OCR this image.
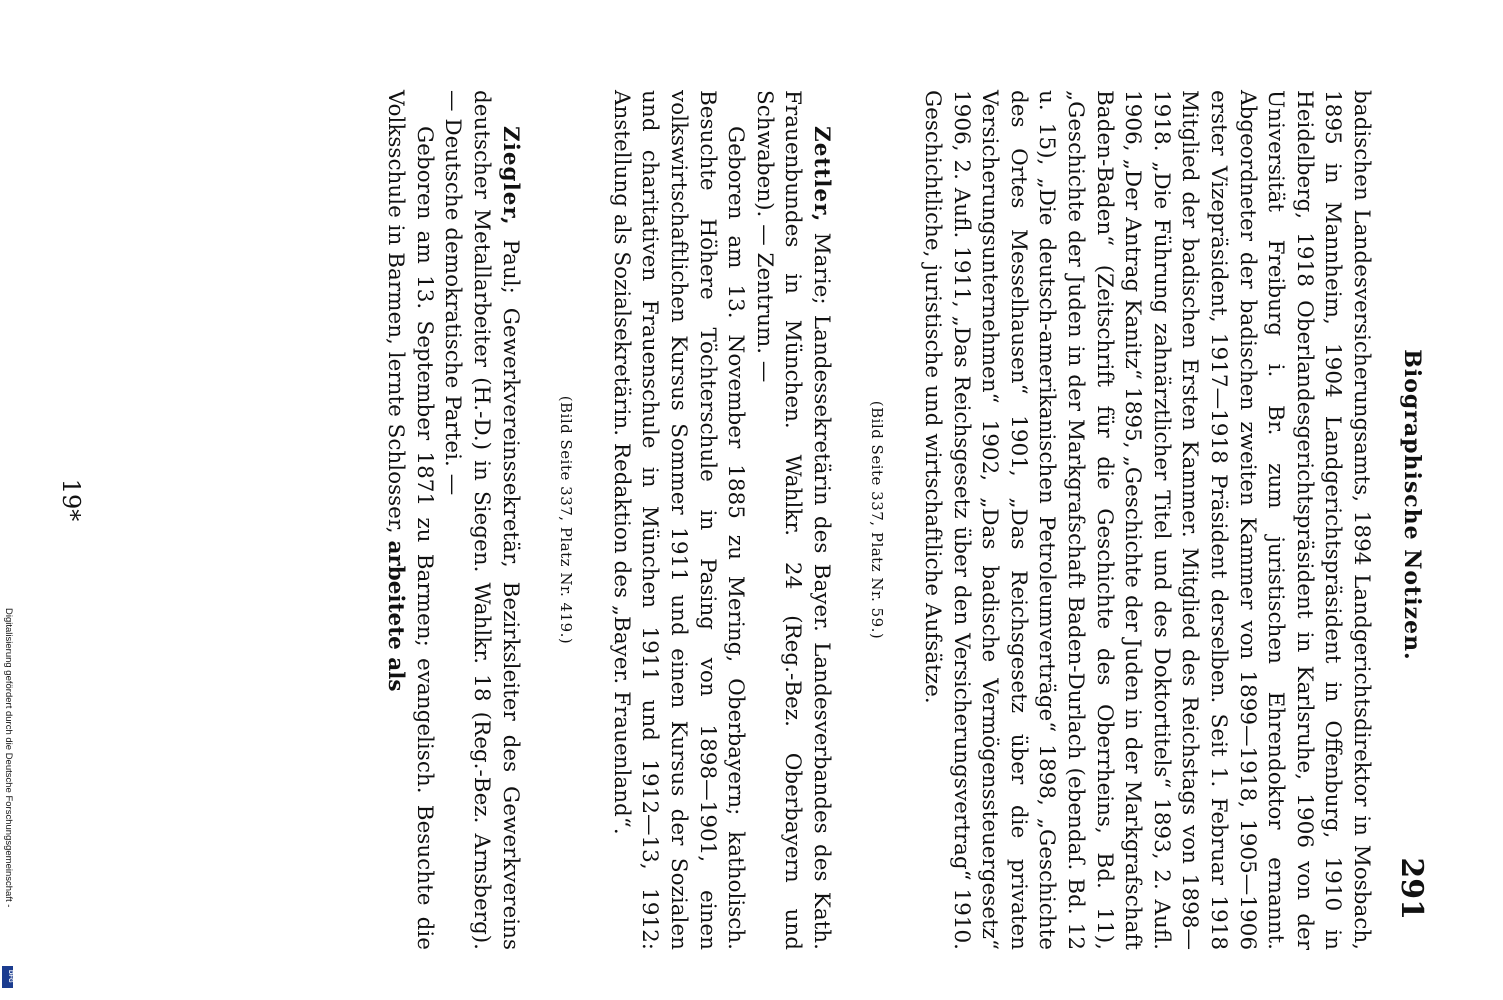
Digitalisierung gefördert durch die Deutsche Forschungsgemeinschaft -
DFG
Biographische Notizen.
291

badischen Landesversicherungsamts, 1894 Landgerichtsdirektor in Mosbach, 1895 in Mannheim, 1904 Landgerichtspräsident in Offenburg, 1910 in Heidelberg, 1918 Oberlandesgerichtspräsident in Karlsruhe, 1906 von der Universität Freiburg i. Br. zum juristischen Ehrendoktor ernannt. Abgeordneter der badischen zweiten Kammer von 1899—1918, 1905—1906 erster Vizepräsident, 1917—1918 Präsident derselben. Seit 1. Februar 1918 Mitglied der badischen Ersten Kammer. Mitglied des Reichstags von 1898—1918. „Die Führung zahnärztlicher Titel und des Doktortitels“ 1893, 2. Aufl. 1906, „Der Antrag Kanitz“ 1895, „Geschichte der Juden in der Markgrafschaft Baden-Baden“ (Zeitschrift für die Geschichte des Oberrheins, Bd. 11), „Geschichte der Juden in der Markgrafschaft Baden-Durlach (ebendaſ. Bd. 12 u. 15), „Die deutsch-amerikanischen Petroleumverträge“ 1898, „Geschichte des Ortes Messelhausen“ 1901, „Das Reichsgesetz über die privaten Versicherungsunternehmen“ 1902, „Das badische Vermögenssteuergesetz“ 1906, 2. Aufl. 1911, „Das Reichsgesetz über den Versicherungsvertrag“ 1910. Geschichtliche, juristische und wirtschaftliche Aufsätze.

(Bild Seite 337, Platz Nr. 59.)

Zettler, Marie; Landessekretärin des Bayer. Landesverbandes des Kath. Frauenbundes in München. Wahlkr. 24 (Reg.-Bez. Oberbayern und Schwaben). — Zentrum. —

Geboren am 13. November 1885 zu Mering, Oberbayern; katholisch. Besuchte Höhere Töchterschule in Pasing von 1898—1901, einen volkswirtschaftlichen Kursus Sommer 1911 und einen Kursus der Sozialen und charitativen Frauenschule in München 1911 und 1912—13, 1912: Anstellung als Sozialsekretärin. Redaktion des „Bayer. Frauenland“.

(Bild Seite 337, Platz Nr. 419.)

Ziegler, Paul; Gewerkvereinssekretär, Bezirksleiter des Gewerkvereins deutscher Metallarbeiter (H.-D.) in Siegen. Wahlkr. 18 (Reg.-Bez. Arnsberg). — Deutsche demokratische Partei. —

Geboren am 13. September 1871 zu Barmen; evangelisch. Besuchte die Volksschule in Barmen, lernte Schlosser, arbeitete als

19*
